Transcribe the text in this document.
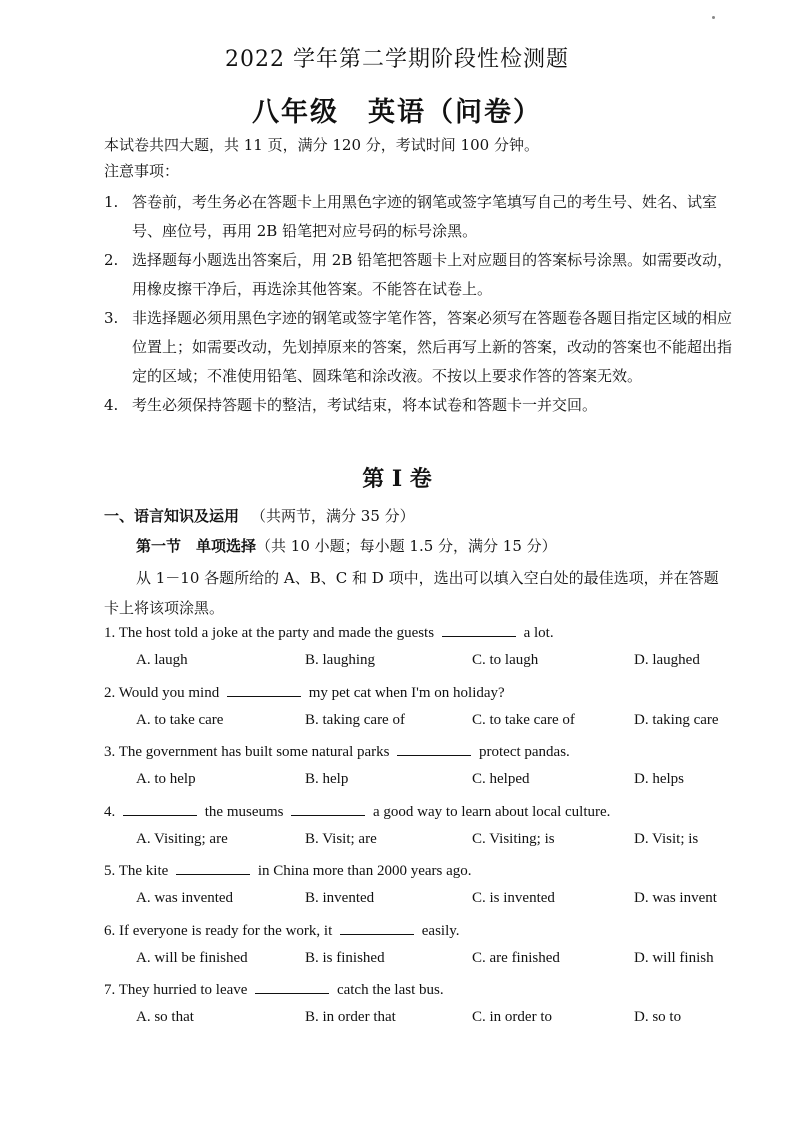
2022 学年第二学期阶段性检测题
八年级　英语（问卷）
本试卷共四大题，共 11 页，满分 120 分，考试时间 100 分钟。
注意事项：
1. 答卷前，考生务必在答题卡上用黑色字迹的钢笔或签字笔填写自己的考生号、姓名、试室号、座位号，再用 2B 铅笔把对应号码的标号涂黑。
2. 选择题每小题选出答案后，用 2B 铅笔把答题卡上对应题目的答案标号涂黑。如需要改动，用橡皮擦干净后，再选涂其他答案。不能答在试卷上。
3. 非选择题必须用黑色字迹的钢笔或签字笔作答，答案必须写在答题卷各题目指定区域的相应位置上；如需要改动，先划掉原来的答案，然后再写上新的答案，改动的答案也不能超出指定的区域；不准使用铅笔、圆珠笔和涂改液。不按以上要求作答的答案无效。
4. 考生必须保持答题卡的整洁，考试结束，将本试卷和答题卡一并交回。
第 I 卷
一、语言知识及运用 （共两节，满分 35 分）
第一节　单项选择（共 10 小题；每小题 1.5 分，满分 15 分）
从 1－10 各题所给的 A、B、C 和 D 项中，选出可以填入空白处的最佳选项，并在答题卡上将该项涂黑。
1. The host told a joke at the party and made the guests	a lot.
A. laugh	B. laughing	C. to laugh	D. laughed
2. Would you mind	my pet cat when I'm on holiday?
A. to take care	B. taking care of	C. to take care of	D. taking care
3. The government has built some natural parks	protect pandas.
A. to help	B. help	C. helped	D. helps
4.	the museums	a good way to learn about local culture.
A. Visiting; are	B. Visit; are	C. Visiting; is	D. Visit; is
5. The kite	in China more than 2000 years ago.
A. was invented	B. invented	C. is invented	D. was invent
6. If everyone is ready for the work, it	easily.
A. will be finished	B. is finished	C. are finished	D. will finish
7. They hurried to leave	catch the last bus.
A. so that	B. in order that	C. in order to	D. so to
